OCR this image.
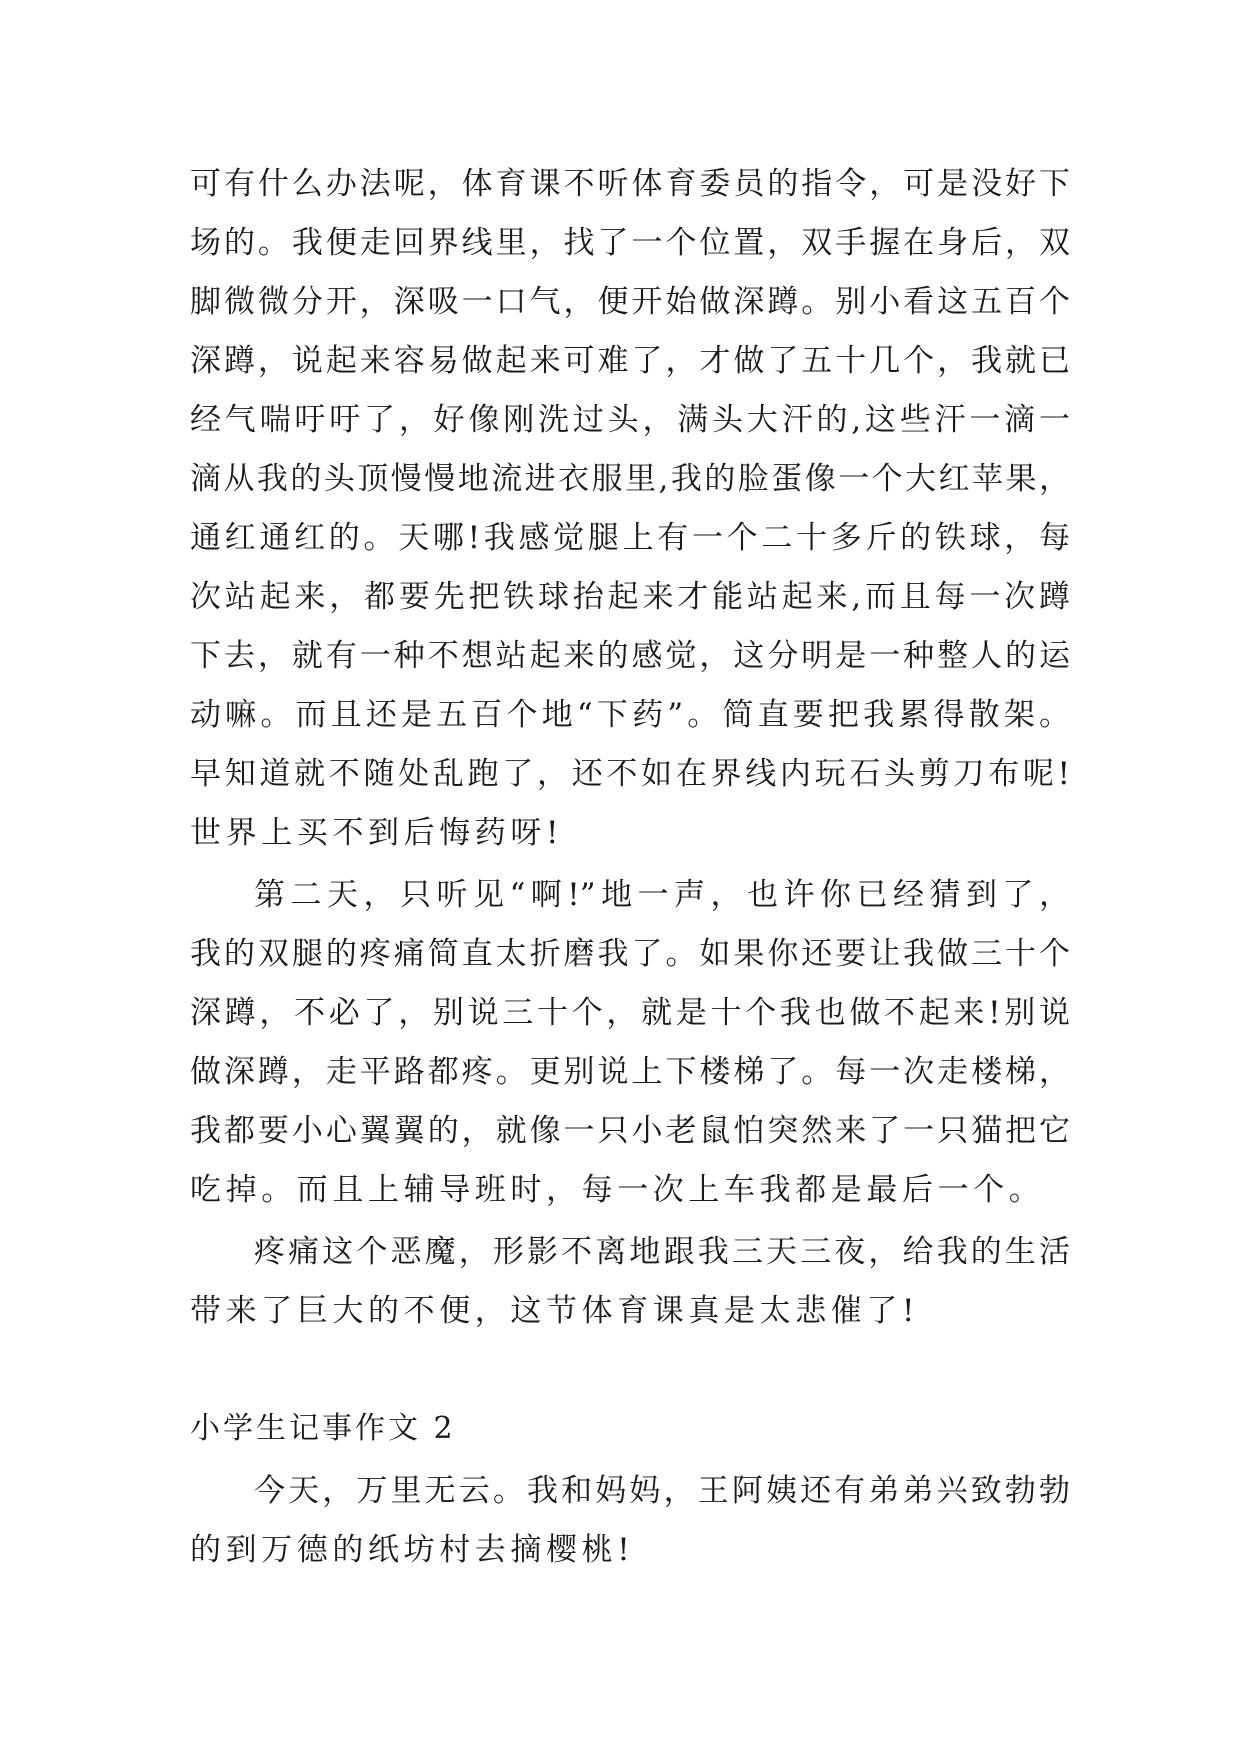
可有什么办法呢，体育课不听体育委员的指令，可是没好下
场的。我便走回界线里，找了一个位置，双手握在身后，双
脚微微分开，深吸一口气，便开始做深蹲。别小看这五百个
深蹲，说起来容易做起来可难了，才做了五十几个，我就已
经气喘吁吁了，好像刚洗过头，满头大汗的,这些汗一滴一
滴从我的头顶慢慢地流进衣服里,我的脸蛋像一个大红苹果，
通红通红的。天哪!我感觉腿上有一个二十多斤的铁球，每
次站起来，都要先把铁球抬起来才能站起来,而且每一次蹲
下去，就有一种不想站起来的感觉，这分明是一种整人的运
动嘛。而且还是五百个地“下药”。简直要把我累得散架。
早知道就不随处乱跑了，还不如在界线内玩石头剪刀布呢!
世界上买不到后悔药呀!
第二天，只听见“啊!”地一声，也许你已经猜到了，
我的双腿的疼痛简直太折磨我了。如果你还要让我做三十个
深蹲，不必了，别说三十个，就是十个我也做不起来!别说
做深蹲，走平路都疼。更别说上下楼梯了。每一次走楼梯，
我都要小心翼翼的，就像一只小老鼠怕突然来了一只猫把它
吃掉。而且上辅导班时，每一次上车我都是最后一个。
疼痛这个恶魔，形影不离地跟我三天三夜，给我的生活
带来了巨大的不便，这节体育课真是太悲催了!
小学生记事作文 2
今天，万里无云。我和妈妈，王阿姨还有弟弟兴致勃勃
的到万德的纸坊村去摘樱桃!
